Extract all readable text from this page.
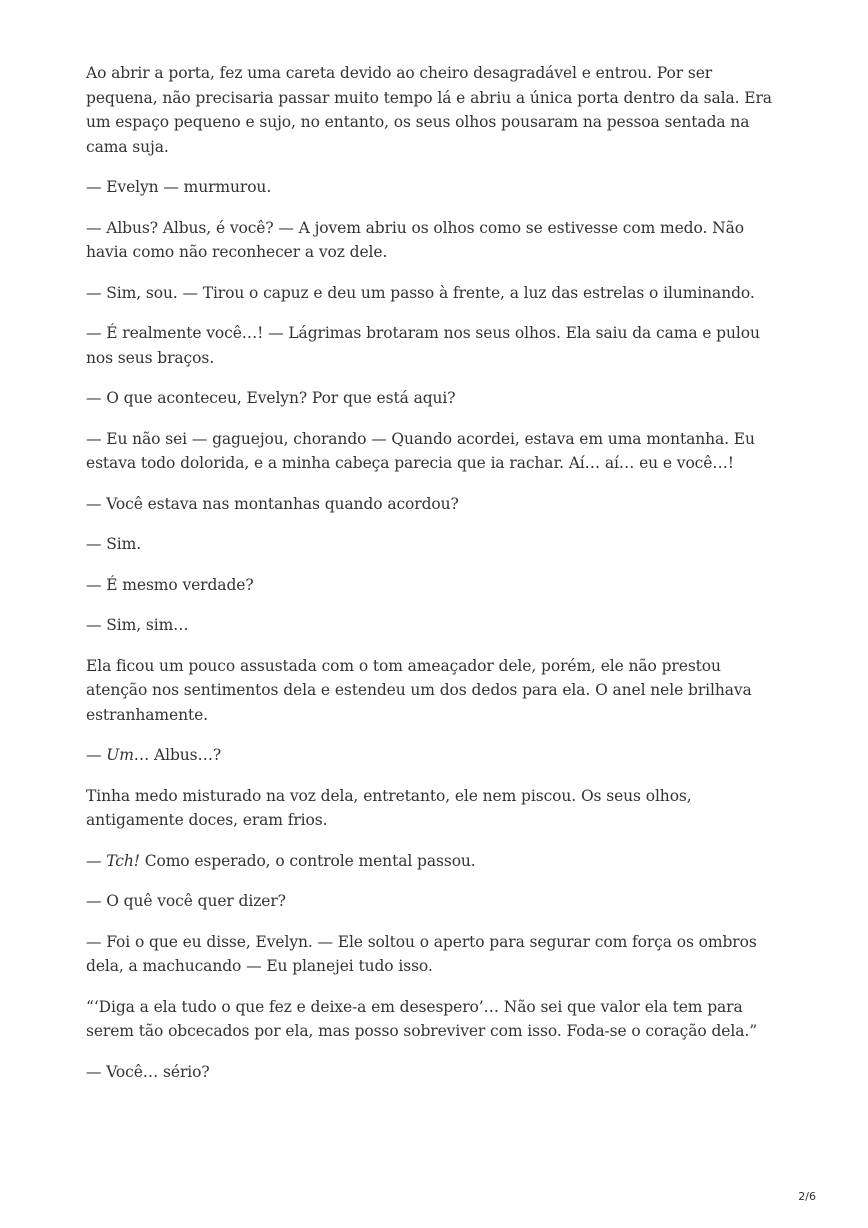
Ao abrir a porta, fez uma careta devido ao cheiro desagradável e entrou. Por ser pequena, não precisaria passar muito tempo lá e abriu a única porta dentro da sala. Era um espaço pequeno e sujo, no entanto, os seus olhos pousaram na pessoa sentada na cama suja.

— Evelyn — murmurou.

— Albus? Albus, é você? — A jovem abriu os olhos como se estivesse com medo. Não havia como não reconhecer a voz dele.

— Sim, sou. — Tirou o capuz e deu um passo à frente, a luz das estrelas o iluminando.

— É realmente você…! — Lágrimas brotaram nos seus olhos. Ela saiu da cama e pulou nos seus braços.

— O que aconteceu, Evelyn? Por que está aqui?

— Eu não sei — gaguejou, chorando — Quando acordei, estava em uma montanha. Eu estava todo dolorida, e a minha cabeça parecia que ia rachar. Aí… aí… eu e você…!

— Você estava nas montanhas quando acordou?

— Sim.

— É mesmo verdade?

— Sim, sim…

Ela ficou um pouco assustada com o tom ameaçador dele, porém, ele não prestou atenção nos sentimentos dela e estendeu um dos dedos para ela. O anel nele brilhava estranhamente.

— Um… Albus…?

Tinha medo misturado na voz dela, entretanto, ele nem piscou. Os seus olhos, antigamente doces, eram frios.

— Tch! Como esperado, o controle mental passou.

— O quê você quer dizer?

— Foi o que eu disse, Evelyn. — Ele soltou o aperto para segurar com força os ombros dela, a machucando — Eu planejei tudo isso.

“‘Diga a ela tudo o que fez e deixe-a em desespero’… Não sei que valor ela tem para serem tão obcecados por ela, mas posso sobreviver com isso. Foda-se o coração dela.”

— Você… sério?

2/6
